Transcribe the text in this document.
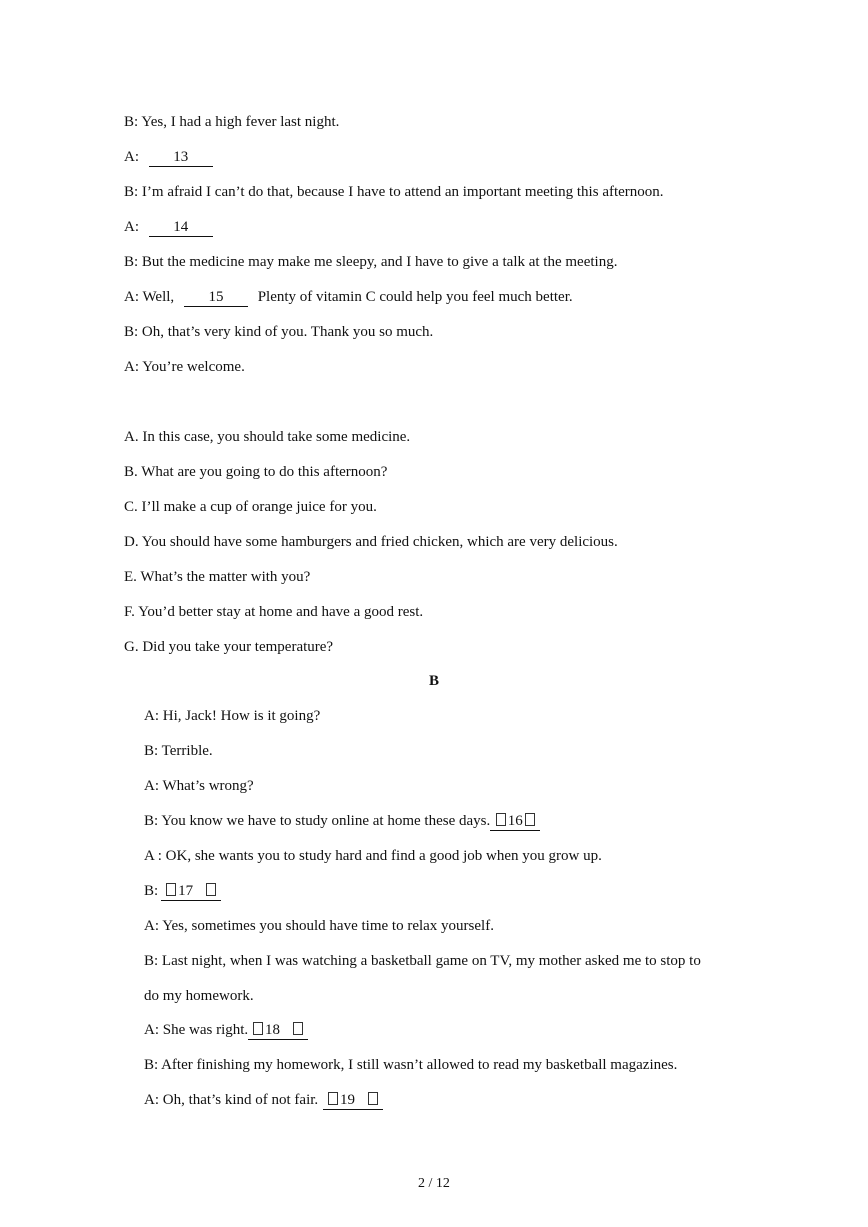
B: Yes, I had a high fever last night.
A: 13
B: I’m afraid I can’t do that, because I have to attend an important meeting this afternoon.
A: 14
B: But the medicine may make me sleepy, and I have to give a talk at the meeting.
A: Well, 15 Plenty of vitamin C could help you feel much better.
B: Oh, that’s very kind of you. Thank you so much.
A: You’re welcome.
A. In this case, you should take some medicine.
B. What are you going to do this afternoon?
C. I’ll make a cup of orange juice for you.
D. You should have some hamburgers and fried chicken, which are very delicious.
E. What’s the matter with you?
F. You’d better stay at home and have a good rest.
G. Did you take your temperature?
B
A: Hi, Jack! How is it going?
B: Terrible.
A: What’s wrong?
B: You know we have to study online at home these days. 16
A : OK, she wants you to study hard and find a good job when you grow up.
B: 17
A: Yes, sometimes you should have time to relax yourself.
B: Last night, when I was watching a basketball game on TV, my mother asked me to stop to
do my homework.
A: She was right. 18
B: After finishing my homework, I still wasn’t allowed to read my basketball magazines.
A: Oh, that’s kind of not fair. 19
2 / 12
